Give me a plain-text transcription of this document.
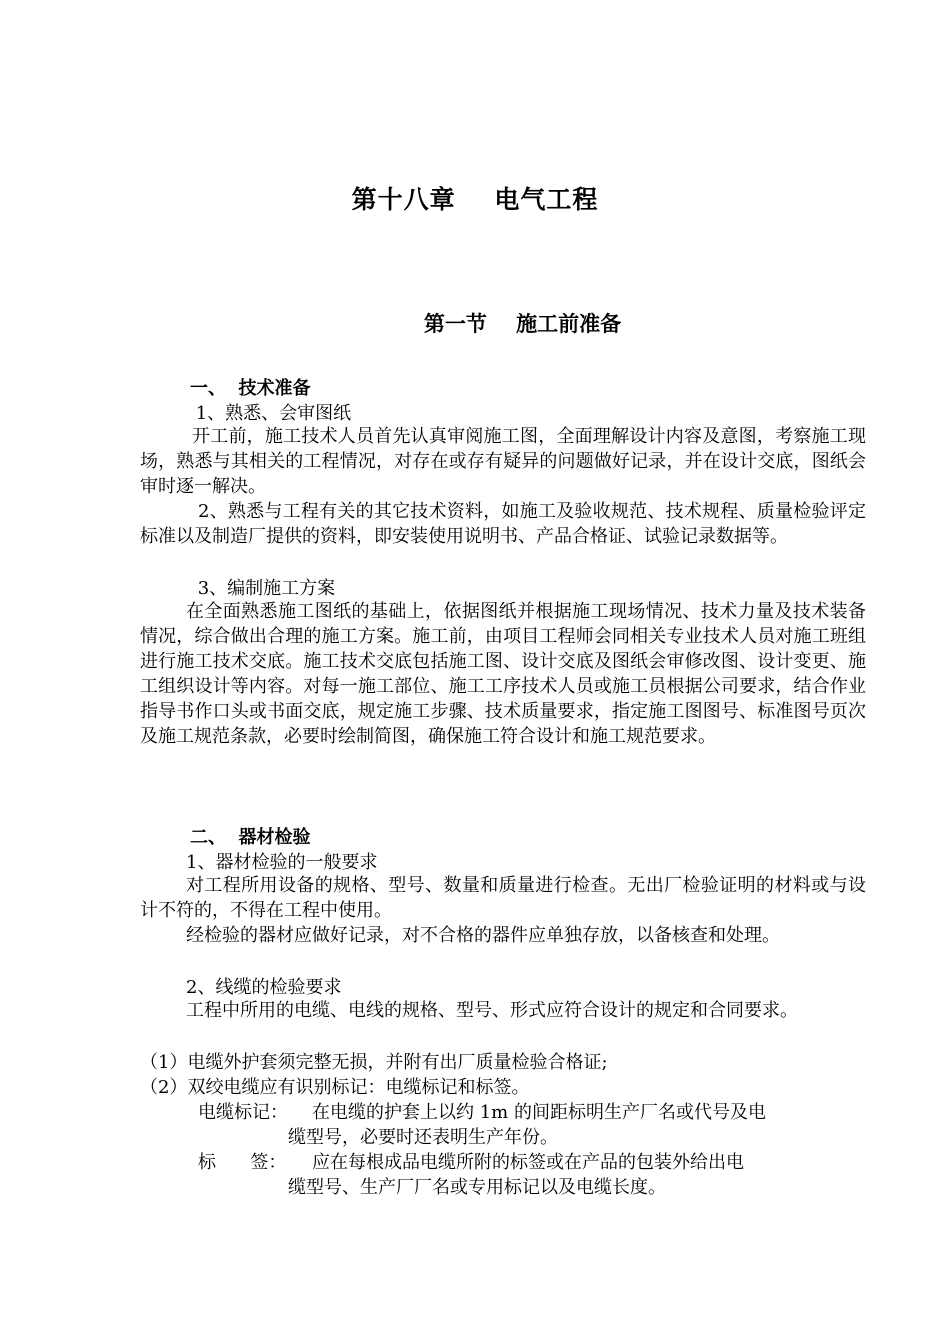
第十八章    电气工程
第一节    施工前准备
一、  技术准备
1、熟悉、会审图纸
开工前，施工技术人员首先认真审阅施工图，全面理解设计内容及意图，考察施工现场，熟悉与其相关的工程情况，对存在或存有疑异的问题做好记录，并在设计交底，图纸会审时逐一解决。
2、熟悉与工程有关的其它技术资料，如施工及验收规范、技术规程、质量检验评定标准以及制造厂提供的资料，即安装使用说明书、产品合格证、试验记录数据等。
3、编制施工方案
在全面熟悉施工图纸的基础上，依据图纸并根据施工现场情况、技术力量及技术装备情况，综合做出合理的施工方案。施工前，由项目工程师会同相关专业技术人员对施工班组进行施工技术交底。施工技术交底包括施工图、设计交底及图纸会审修改图、设计变更、施工组织设计等内容。对每一施工部位、施工工序技术人员或施工员根据公司要求，结合作业指导书作口头或书面交底，规定施工步骤、技术质量要求，指定施工图图号、标准图号页次及施工规范条款，必要时绘制简图，确保施工符合设计和施工规范要求。
二、  器材检验
1、器材检验的一般要求
对工程所用设备的规格、型号、数量和质量进行检查。无出厂检验证明的材料或与设计不符的，不得在工程中使用。
经检验的器材应做好记录，对不合格的器件应单独存放，以备核查和处理。
2、线缆的检验要求
工程中所用的电缆、电线的规格、型号、形式应符合设计的规定和合同要求。
（1）电缆外护套须完整无损，并附有出厂质量检验合格证;
（2）双绞电缆应有识别标记：电缆标记和标签。
电缆标记： 在电缆的护套上以约 1m 的间距标明生产厂名或代号及电
缆型号，必要时还表明生产年份。
标      签： 应在每根成品电缆所附的标签或在产品的包装外给出电
缆型号、生产厂厂名或专用标记以及电缆长度。
